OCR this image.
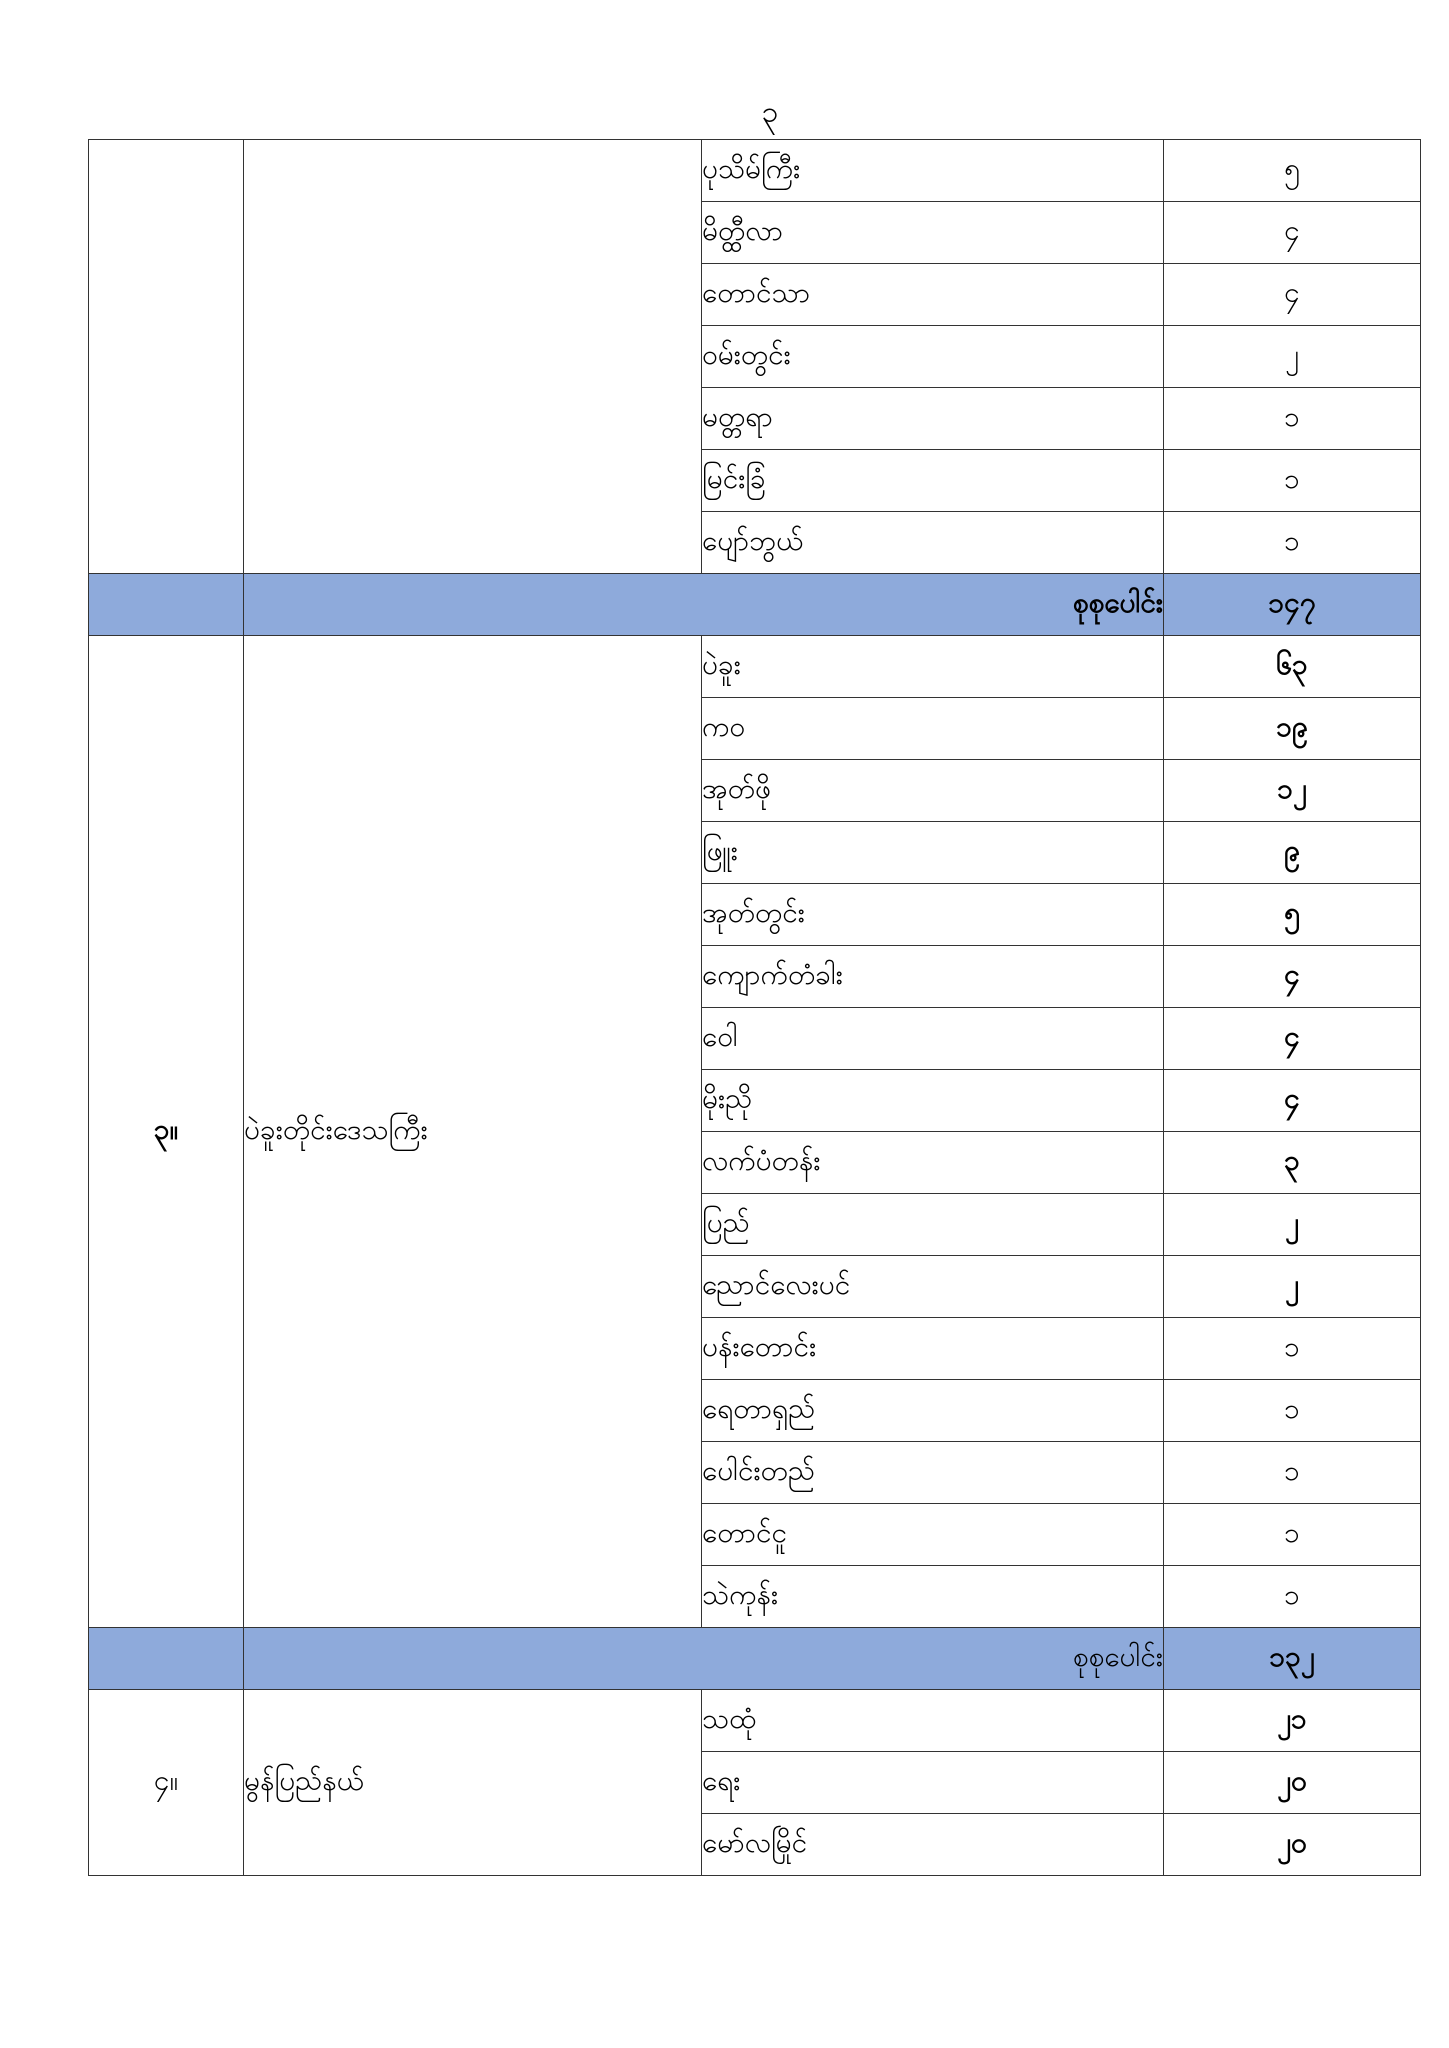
၃
		ပုသိမ်ကြီး	၅
		မိတ္ထီလာ	၄
		တောင်သာ	၄
		ဝမ်းတွင်း	၂
		မတ္တရာ	၁
		မြင်းခြံ	၁
		ပျော်ဘွယ်	၁
	စုစုပေါင်း		၁၄၇
၃။	ပဲခူးတိုင်းဒေသကြီး	ပဲခူး	၆၃
		ကဝ	၁၉
		အုတ်ဖို	၁၂
		ဖြူး	၉
		အုတ်တွင်း	၅
		ကျောက်တံခါး	၄
		ဝေါ	၄
		မိုးညို	၄
		လက်ပံတန်း	၃
		ပြည်	၂
		ညောင်လေးပင်	၂
		ပန်းတောင်း	၁
		ရေတာရှည်	၁
		ပေါင်းတည်	၁
		တောင်ငူ	၁
		သဲကုန်း	၁
	စုစုပေါင်း		၁၃၂
၄။	မွန်ပြည်နယ်	သထုံ	၂၁
		ရေး	၂၀
		မော်လမြိုင်	၂၀
